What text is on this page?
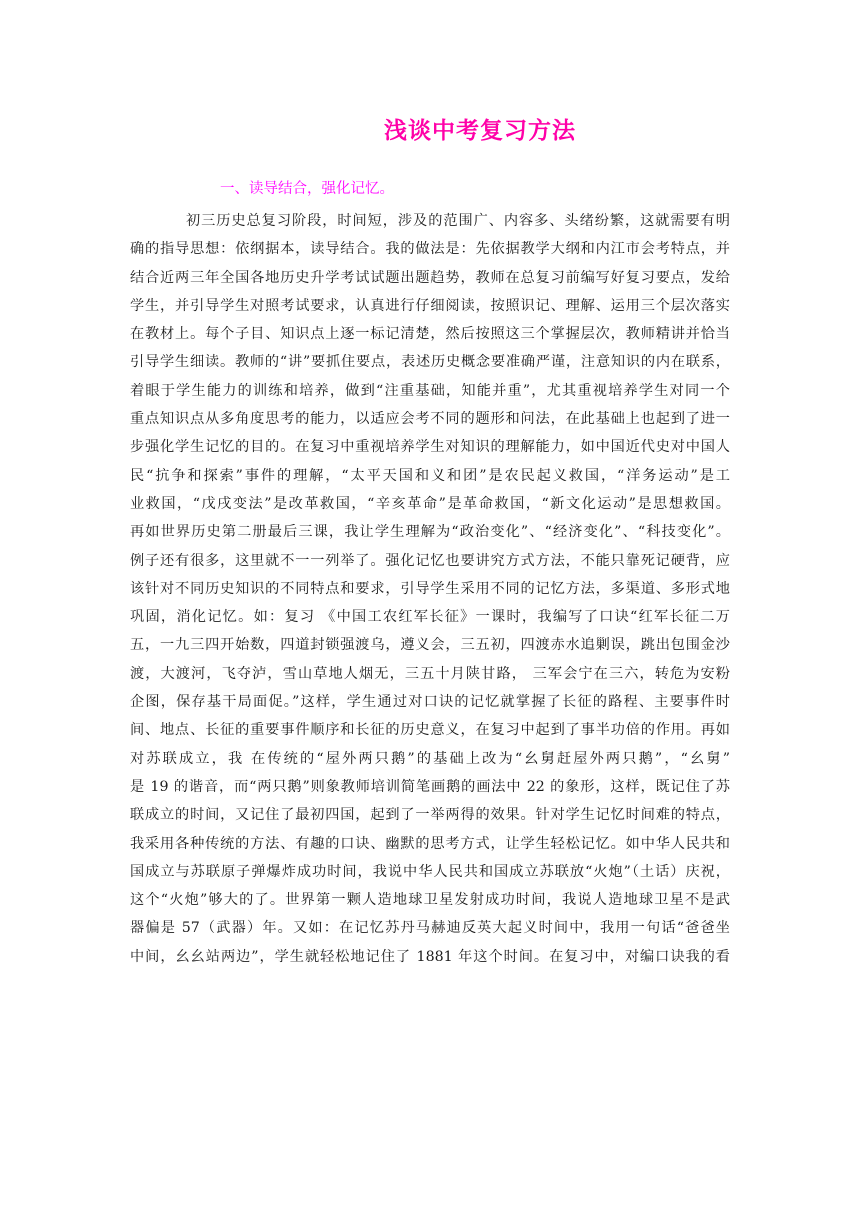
浅谈中考复习方法
一、读导结合，强化记忆。
初三历史总复习阶段，时间短，涉及的范围广、内容多、头绪纷繁，这就需要有明
确的指导思想：依纲据本，读导结合。我的做法是：先依据教学大纲和内江市会考特点，并
结合近两三年全国各地历史升学考试试题出题趋势，教师在总复习前编写好复习要点，发给
学生，并引导学生对照考试要求，认真进行仔细阅读，按照识记、理解、运用三个层次落实
在教材上。每个子目、知识点上逐一标记清楚，然后按照这三个掌握层次，教师精讲并恰当
引导学生细读。教师的“讲”要抓住要点，表述历史概念要准确严谨，注意知识的内在联系，
着眼于学生能力的训练和培养，做到“注重基础，知能并重”，尤其重视培养学生对同一个
重点知识点从多角度思考的能力，以适应会考不同的题形和问法，在此基础上也起到了进一
步强化学生记忆的目的。在复习中重视培养学生对知识的理解能力，如中国近代史对中国人
民“抗争和探索”事件的理解，“太平天国和义和团”是农民起义救国，“洋务运动”是工
业救国，“戊戌变法”是改革救国，“辛亥革命”是革命救国，“新文化运动”是思想救国。
再如世界历史第二册最后三课，我让学生理解为“政治变化”、“经济变化”、“科技变化”。
例子还有很多，这里就不一一列举了。强化记忆也要讲究方式方法，不能只靠死记硬背，应
该针对不同历史知识的不同特点和要求，引导学生采用不同的记忆方法，多渠道、多形式地
巩固，消化记忆。如：复习 《中国工农红军长征》一课时，我编写了口诀“红军长征二万
五，一九三四开始数，四道封锁强渡乌，遵义会，三五初，四渡赤水追剿误，跳出包围金沙
渡，大渡河，飞夺泸，雪山草地人烟无，三五十月陕甘路， 三军会宁在三六，转危为安粉
企图，保存基干局面促。”这样，学生通过对口诀的记忆就掌握了长征的路程、主要事件时
间、地点、长征的重要事件顺序和长征的历史意义，在复习中起到了事半功倍的作用。再如
对苏联成立，我 在传统的“屋外两只鹅”的基础上改为“幺舅赶屋外两只鹅”，“幺舅”
是 19 的谐音，而“两只鹅”则象教师培训简笔画鹅的画法中 22 的象形，这样，既记住了苏
联成立的时间，又记住了最初四国，起到了一举两得的效果。针对学生记忆时间难的特点，
我采用各种传统的方法、有趣的口诀、幽默的思考方式，让学生轻松记忆。如中华人民共和
国成立与苏联原子弹爆炸成功时间，我说中华人民共和国成立苏联放“火炮”（土话）庆祝，
这个“火炮”够大的了。世界第一颗人造地球卫星发射成功时间，我说人造地球卫星不是武
器偏是 57（武器）年。又如：在记忆苏丹马赫迪反英大起义时间中，我用一句话“爸爸坐
中间，幺幺站两边”，学生就轻松地记住了 1881 年这个时间。在复习中，对编口诀我的看
